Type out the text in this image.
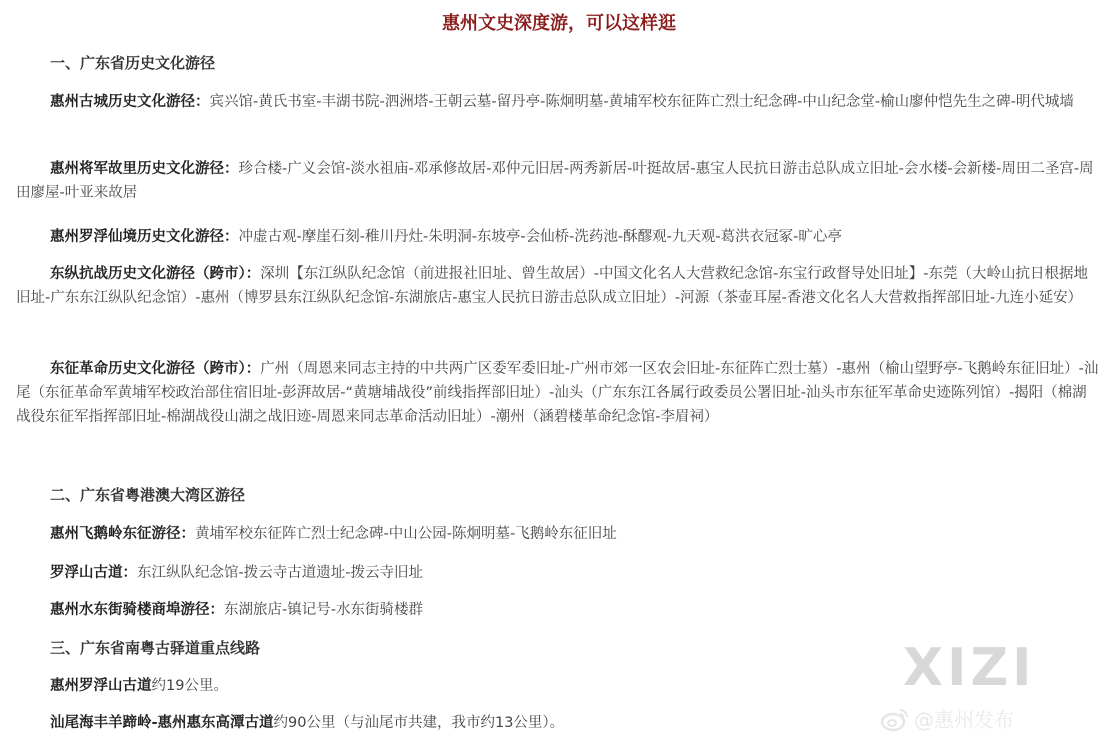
惠州文史深度游，可以这样逛
一、广东省历史文化游径
惠州古城历史文化游径：宾兴馆-黄氏书室-丰湖书院-泗洲塔-王朝云墓-留丹亭-陈炯明墓-黄埔军校东征阵亡烈士纪念碑-中山纪念堂-榆山廖仲恺先生之碑-明代城墙
惠州将军故里历史文化游径：珍合楼-广义会馆-淡水祖庙-邓承修故居-邓仲元旧居-两秀新居-叶挺故居-惠宝人民抗日游击总队成立旧址-会水楼-会新楼-周田二圣宫-周田廖屋-叶亚来故居
惠州罗浮仙境历史文化游径：冲虚古观-摩崖石刻-稚川丹灶-朱明洞-东坡亭-会仙桥-洗药池-酥醪观-九天观-葛洪衣冠冢-旷心亭
东纵抗战历史文化游径（跨市）：深圳【东江纵队纪念馆（前进报社旧址、曾生故居）-中国文化名人大营救纪念馆-东宝行政督导处旧址】-东莞（大岭山抗日根据地旧址-广东东江纵队纪念馆）-惠州（博罗县东江纵队纪念馆-东湖旅店-惠宝人民抗日游击总队成立旧址）-河源（茶壶耳屋-香港文化名人大营救指挥部旧址-九连小延安）
东征革命历史文化游径（跨市）：广州（周恩来同志主持的中共两广区委军委旧址-广州市郊一区农会旧址-东征阵亡烈士墓）-惠州（榆山望野亭-飞鹅岭东征旧址）-汕尾（东征革命军黄埔军校政治部住宿旧址-彭湃故居-“黄塘埔战役”前线指挥部旧址）-汕头（广东东江各属行政委员公署旧址-汕头市东征军革命史迹陈列馆）-揭阳（棉湖战役东征军指挥部旧址-棉湖战役山湖之战旧迹-周恩来同志革命活动旧址）-潮州（涵碧楼革命纪念馆-李眉祠）
二、广东省粤港澳大湾区游径
惠州飞鹅岭东征游径：黄埔军校东征阵亡烈士纪念碑-中山公园-陈炯明墓-飞鹅岭东征旧址
罗浮山古道：东江纵队纪念馆-拨云寺古道遗址-拨云寺旧址
惠州水东街骑楼商埠游径：东湖旅店-镇记号-水东街骑楼群
三、广东省南粤古驿道重点线路
惠州罗浮山古道约19公里。
汕尾海丰羊蹄岭-惠州惠东高潭古道约90公里（与汕尾市共建，我市约13公里）。
XIZI
@惠州发布
